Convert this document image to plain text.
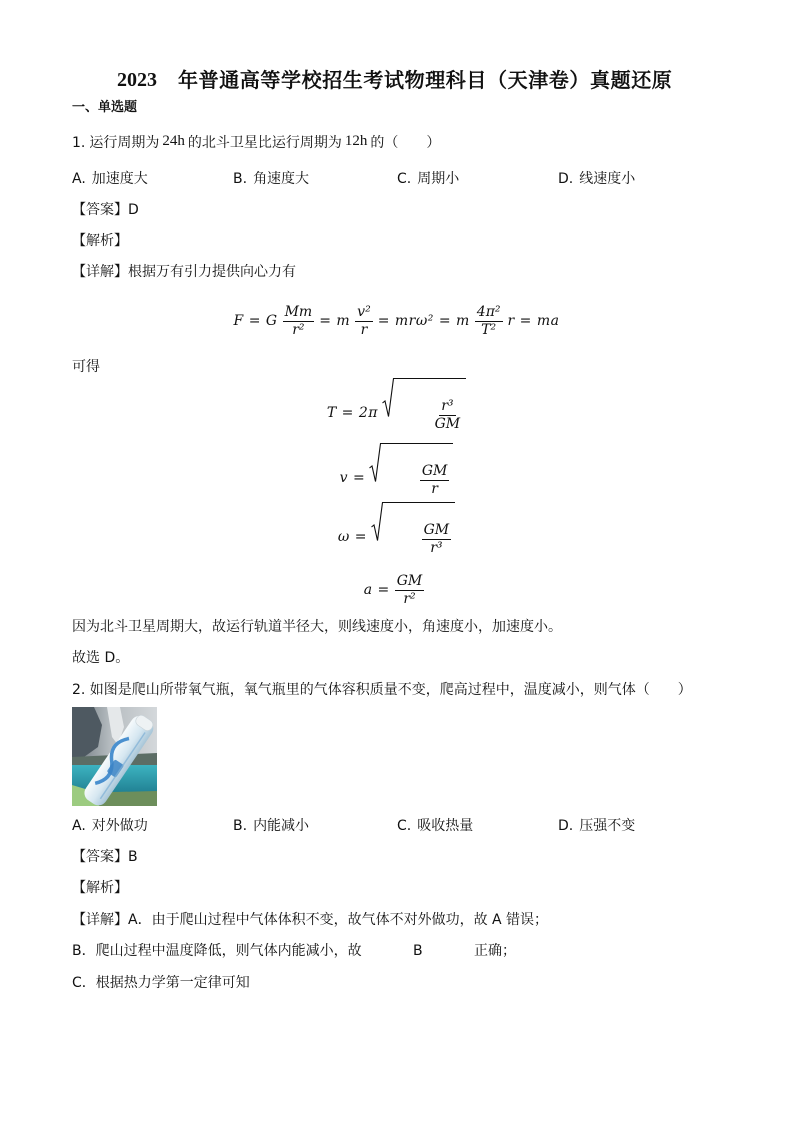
2023 年普通高等学校招生考试物理科目（天津卷）真题还原
一、单选题
1. 运行周期为 24h 的北斗卫星比运行周期为 12h 的（　　）
A. 加速度大	B. 角速度大	C. 周期小	D. 线速度小
【答案】D
【解析】
【详解】根据万有引力提供向心力有
F = G $\frac{Mm}{\text{r²}} = m \frac{\text{v²}}{r} = mr\omega^2 = m \frac{\text{4π²}}{\text{T²}}$ r = ma
可得
T = 2π

	$\frac{\text{r³}}{GM}$

v =

	$\frac{GM}{r}$

ω =

	$\frac{GM}{\text{r³}}$

$a = \frac{GM}{\text{r²}}$
因为北斗卫星周期大，故运行轨道半径大，则线速度小，角速度小，加速度小。
故选 D。
2. 如图是爬山所带氧气瓶，氧气瓶里的气体容积质量不变，爬高过程中，温度减小，则气体（　　）
A. 对外做功	B. 内能减小	C. 吸收热量	D. 压强不变
【答案】B
【解析】
【详解】A．由于爬山过程中气体体积不变，故气体不对外做功，故 A 错误；
B．爬山过程中温度降低，则气体内能减小，故	B	正确；
C．根据热力学第一定律可知
